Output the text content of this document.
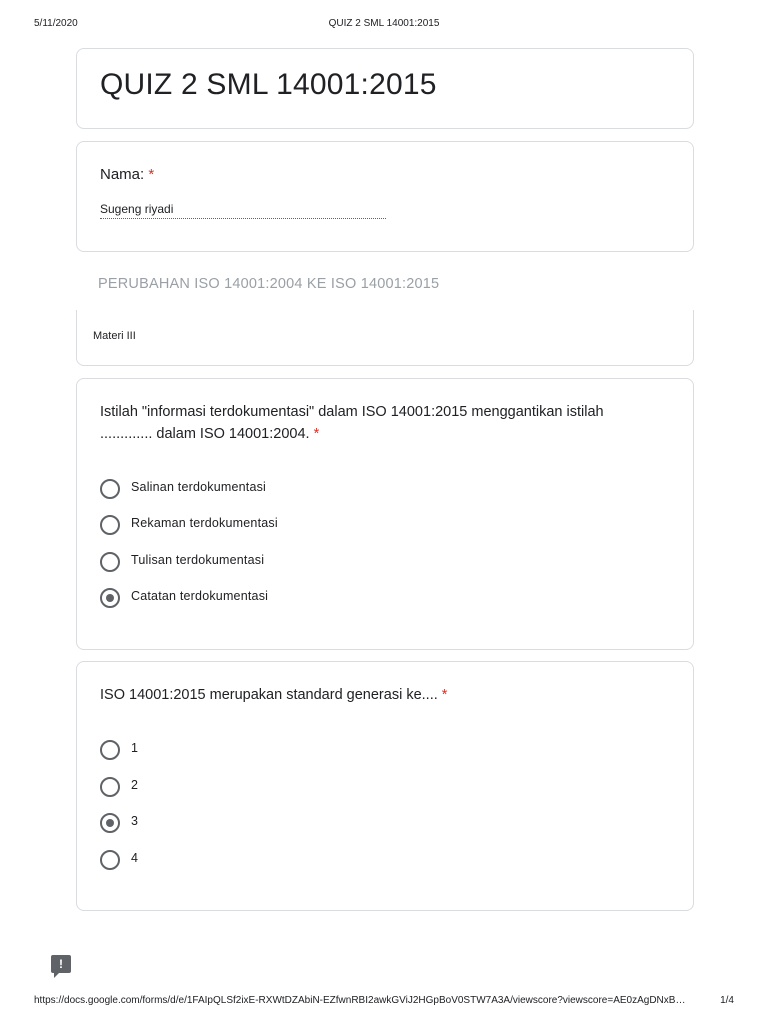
5/11/2020	QUIZ 2 SML 14001:2015
QUIZ 2 SML 14001:2015
Nama: *
Sugeng riyadi
PERUBAHAN ISO 14001:2004 KE ISO 14001:2015
Materi III
Istilah "informasi terdokumentasi" dalam ISO 14001:2015 menggantikan istilah
............. dalam ISO 14001:2004. *
Salinan terdokumentasi
Rekaman terdokumentasi
Tulisan terdokumentasi
Catatan terdokumentasi
ISO 14001:2015 merupakan standard generasi ke.... *
1
2
3
4
!
https://docs.google.com/forms/d/e/1FAIpQLSf2ixE-RXWtDZAbiN-EZfwnRBI2awkGViJ2HGpBoV0STW7A3A/viewscore?viewscore=AE0zAgDNxB…	1/4
